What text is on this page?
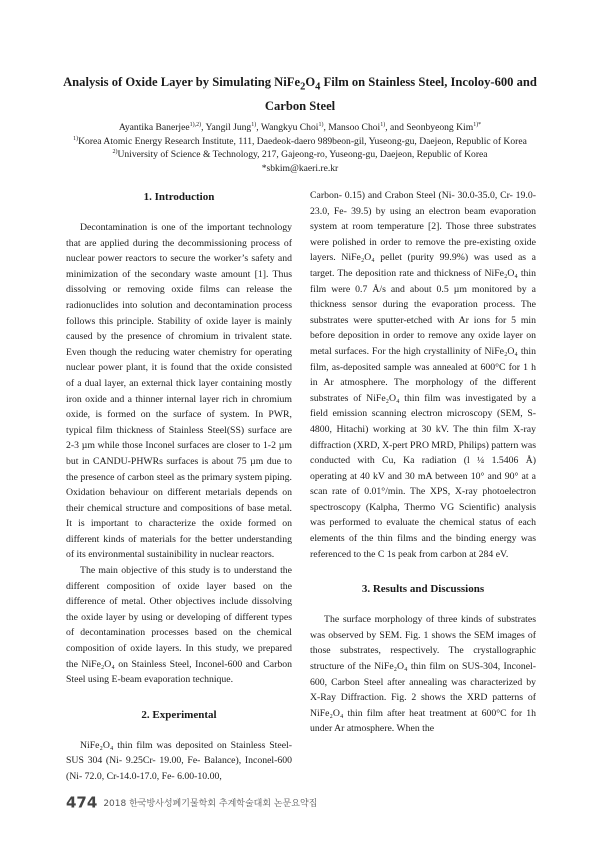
Analysis of Oxide Layer by Simulating $NiFe_2O_4$ Film on Stainless Steel, Incoloy-600 and Carbon Steel
Ayantika Banerjee$^{1),2)}$, Yangil Jung$^{1)}$, Wangkyu Choi$^{1)}$, Mansoo Choi$^{1)}$, and Seonbyeong Kim$^{1)*}$
$^{1)}$Korea Atomic Energy Research Institute, 111, Daedeok-daero 989beon-gil, Yuseong-gu, Daejeon, Republic of Korea
$^{2)}$University of Science & Technology, 217, Gajeong-ro, Yuseong-gu, Daejeon, Republic of Korea
*sbkim@kaeri.re.kr
1. Introduction

Decontamination is one of the important technology that are applied during the decommissioning process of nuclear power reactors to secure the worker’s safety and minimization of the secondary waste amount [1]. Thus dissolving or removing oxide films can release the radionuclides into solution and decontamination process follows this principle. Stability of oxide layer is mainly caused by the presence of chromium in trivalent state. Even though the reducing water chemistry for operating nuclear power plant, it is found that the oxide consisted of a dual layer, an external thick layer containing mostly iron oxide and a thinner internal layer rich in chromium oxide, is formed on the surface of system. In PWR, typical film thickness of Stainless Steel(SS) surface are 2-3 µm while those Inconel surfaces are closer to 1-2 µm but in CANDU-PHWRs surfaces is about 75 µm due to the presence of carbon steel as the primary system piping. Oxidation behaviour on different metarials depends on their chemical structure and compositions of base metal. It is important to characterize the oxide formed on different kinds of materials for the better understanding of its environmental sustainibility in nuclear reactors.

The main objective of this study is to understand the different composition of oxide layer based on the difference of metal. Other objectives include dissolving the oxide layer by using or developing of different types of decontamination processes based on the chemical composition of oxide layers. In this study, we prepared the NiFe₂O₄ on Stainless Steel, Inconel-600 and Carbon Steel using E-beam evaporation technique.

2. Experimental

NiFe₂O₄ thin film was deposited on Stainless Steel-SUS 304 (Ni- 9.25Cr- 19.00, Fe- Balance), Inconel-600 (Ni- 72.0, Cr-14.0-17.0, Fe- 6.00-10.00,

Carbon- 0.15) and Crabon Steel (Ni- 30.0-35.0, Cr- 19.0-23.0, Fe- 39.5) by using an electron beam evaporation system at room temperature [2]. Those three substrates were polished in order to remove the pre-existing oxide layers. NiFe₂O₄ pellet (purity 99.9%) was used as a target. The deposition rate and thickness of NiFe₂O₄ thin film were 0.7 Å/s and about 0.5 µm monitored by a thickness sensor during the evaporation process. The substrates were sputter-etched with Ar ions for 5 min before deposition in order to remove any oxide layer on metal surfaces. For the high crystallinity of NiFe₂O₄ thin film, as-deposited sample was annealed at 600°C for 1 h in Ar atmosphere. The morphology of the different substrates of NiFe₂O₄ thin film was investigated by a field emission scanning electron microscopy (SEM, S-4800, Hitachi) working at 30 kV. The thin film X-ray diffraction (XRD, X-pert PRO MRD, Philips) pattern was conducted with Cu, Ka radiation (l ¼ 1.5406 Å) operating at 40 kV and 30 mA between 10° and 90° at a scan rate of 0.01°/min. The XPS, X-ray photoelectron spectroscopy (Kalpha, Thermo VG Scientific) analysis was performed to evaluate the chemical status of each elements of the thin films and the binding energy was referenced to the C 1s peak from carbon at 284 eV.

3. Results and Discussions

The surface morphology of three kinds of substrates was observed by SEM. Fig. 1 shows the SEM images of those substrates, respectively. The crystallographic structure of the NiFe₂O₄ thin film on SUS-304, Inconel-600, Carbon Steel after annealing was characterized by X-Ray Diffraction. Fig. 2 shows the XRD patterns of NiFe₂O₄ thin film after heat treatment at 600°C for 1h under Ar atmosphere. When the

474 2018 한국방사성폐기물학회 추계학술대회 논문요약집
